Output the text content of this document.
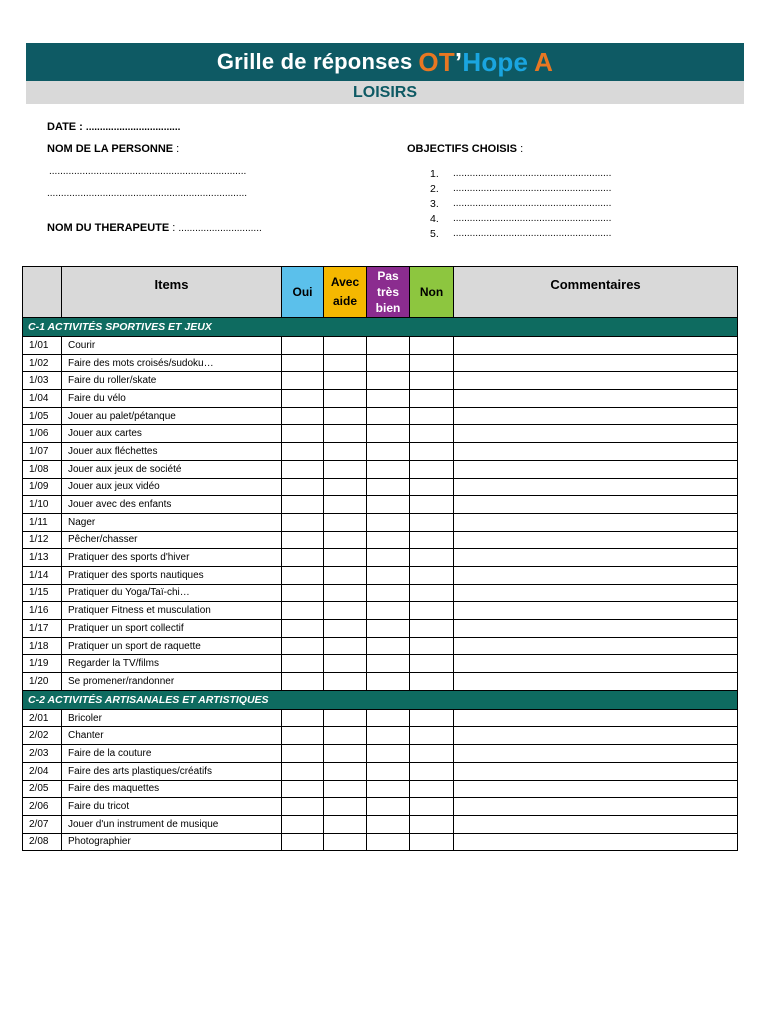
Grille de réponses OT ’ Hope A
LOISIRS
DATE : ..................................
NOM DE LA PERSONNE :
.......................................................................
........................................................................
NOM DU THERAPEUTE : ..............................
OBJECTIFS CHOISIS :
1.	.........................................................
2.	.........................................................
3.	.........................................................
4.	.........................................................
5.	.........................................................
	Items	Oui	Avec
aide	Pas
très
bien	Non	Commentaires
C-1 ACTIVITÉS SPORTIVES ET JEUX						
1/01	Courir					
1/02	Faire des mots croisés/sudoku…					
1/03	Faire du roller/skate					
1/04	Faire du vélo					
1/05	Jouer au palet/pétanque					
1/06	Jouer aux cartes					
1/07	Jouer aux fléchettes					
1/08	Jouer aux jeux de société					
1/09	Jouer aux jeux vidéo					
1/10	Jouer avec des enfants					
1/11	Nager					
1/12	Pêcher/chasser					
1/13	Pratiquer des sports d'hiver					
1/14	Pratiquer des sports nautiques					
1/15	Pratiquer du Yoga/Taï-chi…					
1/16	Pratiquer Fitness et musculation					
1/17	Pratiquer un sport collectif					
1/18	Pratiquer un sport de raquette					
1/19	Regarder la TV/films					
1/20	Se promener/randonner					
C-2 ACTIVITÉS ARTISANALES ET ARTISTIQUES						
2/01	Bricoler					
2/02	Chanter					
2/03	Faire de la couture					
2/04	Faire des arts plastiques/créatifs					
2/05	Faire des maquettes					
2/06	Faire du tricot					
2/07	Jouer d'un instrument de musique					
2/08	Photographier					
